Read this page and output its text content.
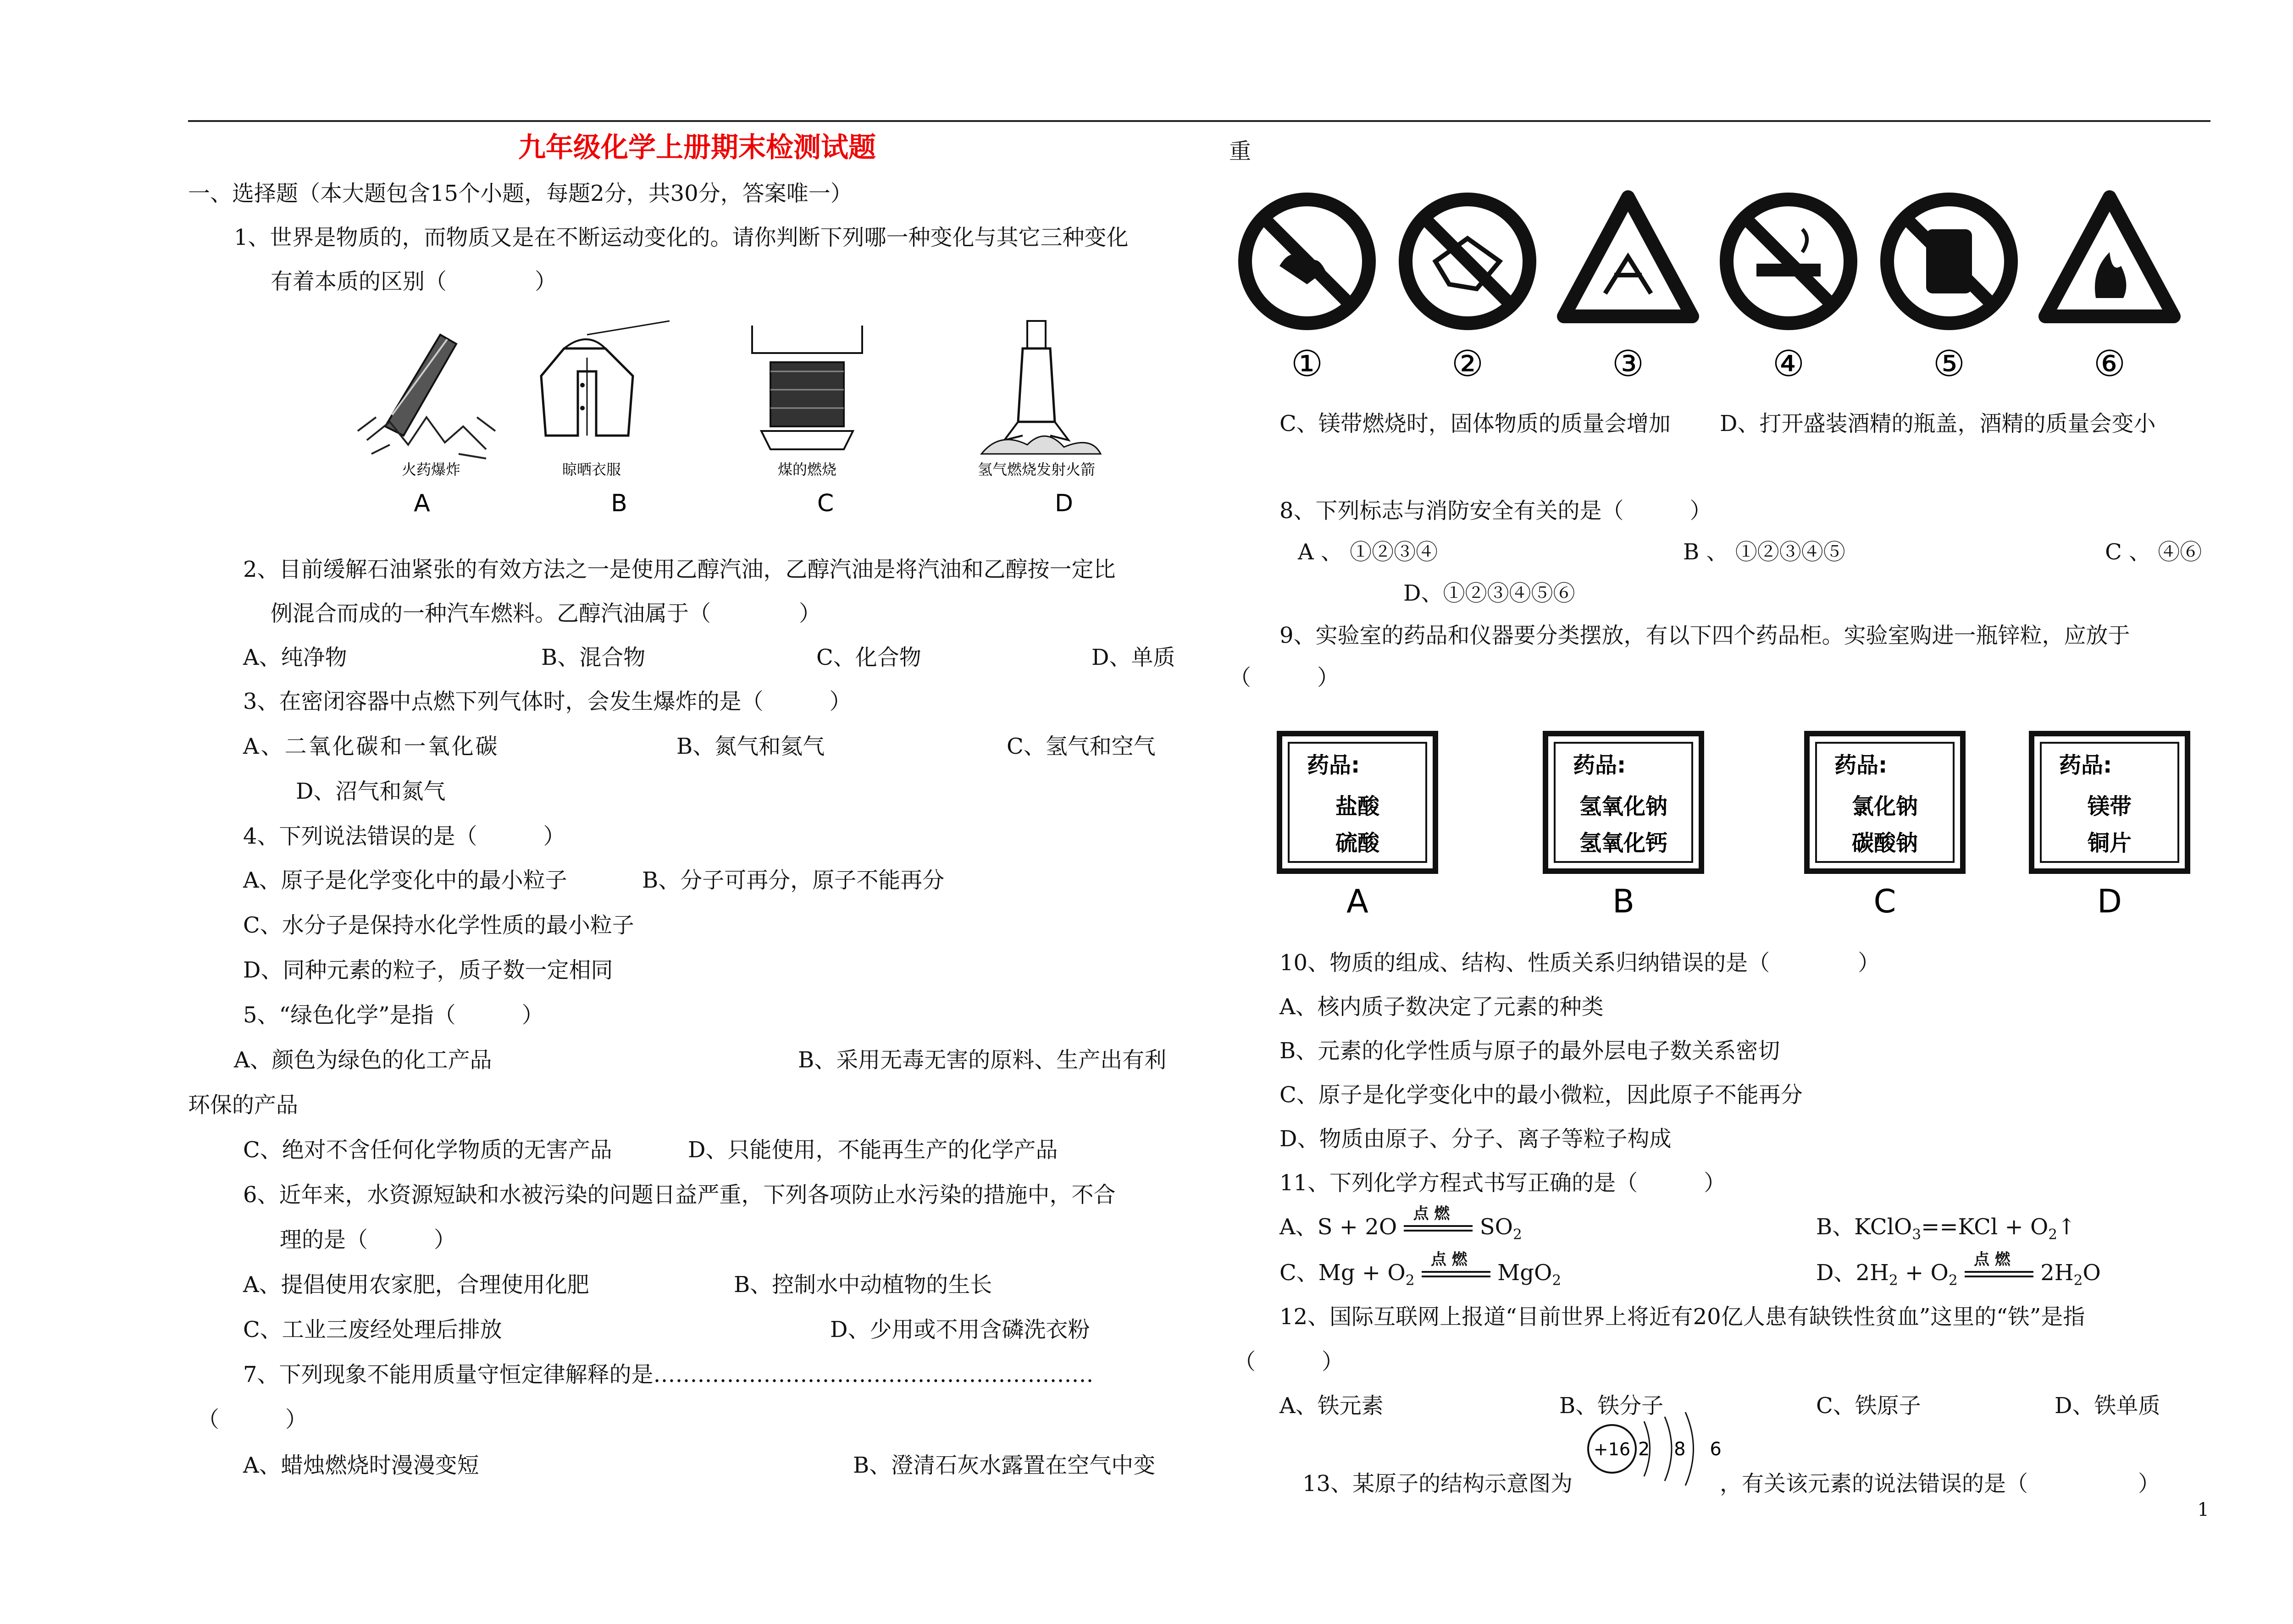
九年级化学上册期末检测试题
一、选择题（本大题包含15个小题，每题2分，共30分，答案唯一）
1、世界是物质的，而物质又是在不断运动变化的。请你判断下列哪一种变化与其它三种变化
有着本质的区别（　　　　）
火药爆炸	晾晒衣服	煤的燃烧	氢气燃烧发射火箭
A	B	C	D
2、目前缓解石油紧张的有效方法之一是使用乙醇汽油，乙醇汽油是将汽油和乙醇按一定比
例混合而成的一种汽车燃料。乙醇汽油属于（　　　　）
A、纯净物	B、混合物	C、化合物	D、单质
3、在密闭容器中点燃下列气体时，会发生爆炸的是（　　　）
A、二氧化碳和一氧化碳	B、氮气和氦气	C、氢气和空气
D、沼气和氮气
4、下列说法错误的是（　　　）
A、原子是化学变化中的最小粒子	B、分子可再分，原子不能再分
C、水分子是保持水化学性质的最小粒子
D、同种元素的粒子，质子数一定相同
5、“绿色化学”是指（　　　）
A、颜色为绿色的化工产品	B、采用无毒无害的原料、生产出有利
环保的产品
C、绝对不含任何化学物质的无害产品	D、只能使用，不能再生产的化学产品
6、近年来，水资源短缺和水被污染的问题日益严重，下列各项防止水污染的措施中，不合
理的是（　　　）
A、提倡使用农家肥，合理使用化肥	B、控制水中动植物的生长
C、工业三废经处理后排放	D、少用或不用含磷洗衣粉
7、下列现象不能用质量守恒定律解释的是……………………………………………………
（　　　）
A、蜡烛燃烧时漫漫变短	B、澄清石灰水露置在空气中变
重
①	②	③	④	⑤	⑥
C、镁带燃烧时，固体物质的质量会增加 D、打开盛装酒精的瓶盖，酒精的质量会变小
8、下列标志与消防安全有关的是（　　　）
A 、 ①②③④	B 、 ①②③④⑤	C 、 ④⑥
D、①②③④⑤⑥
9、实验室的药品和仪器要分类摆放，有以下四个药品柜。实验室购进一瓶锌粒，应放于
（　　　）
药品:
盐酸
硫酸
药品:
氢氧化钠
氢氧化钙
药品:
氯化钠
碳酸钠
药品:
镁带
铜片
A	B	C	D
10、物质的组成、结构、性质关系归纳错误的是（　　　　）
A、核内质子数决定了元素的种类
B、元素的化学性质与原子的最外层电子数关系密切
C、原子是化学变化中的最小微粒，因此原子不能再分
D、物质由原子、分子、离子等粒子构成
11、下列化学方程式书写正确的是（　　　）
A、S + 2O
点 燃
$SO_2$	B、KClO$_3$==KCl + $O_2↑$
C、$Mg + O_2$
点 燃
MgO$_2$	D、$2H_2 + O_2$
点 燃
$2H_2O$
12、国际互联网上报道“目前世界上将近有20亿人患有缺铁性贫血”这里的“铁”是指
（　　　）
A、铁元素	B、铁分子	C、铁原子	D、铁单质
13、某原子的结构示意图为
+16 2 8 6
，有关该元素的说法错误的是（　　　　　）
1
